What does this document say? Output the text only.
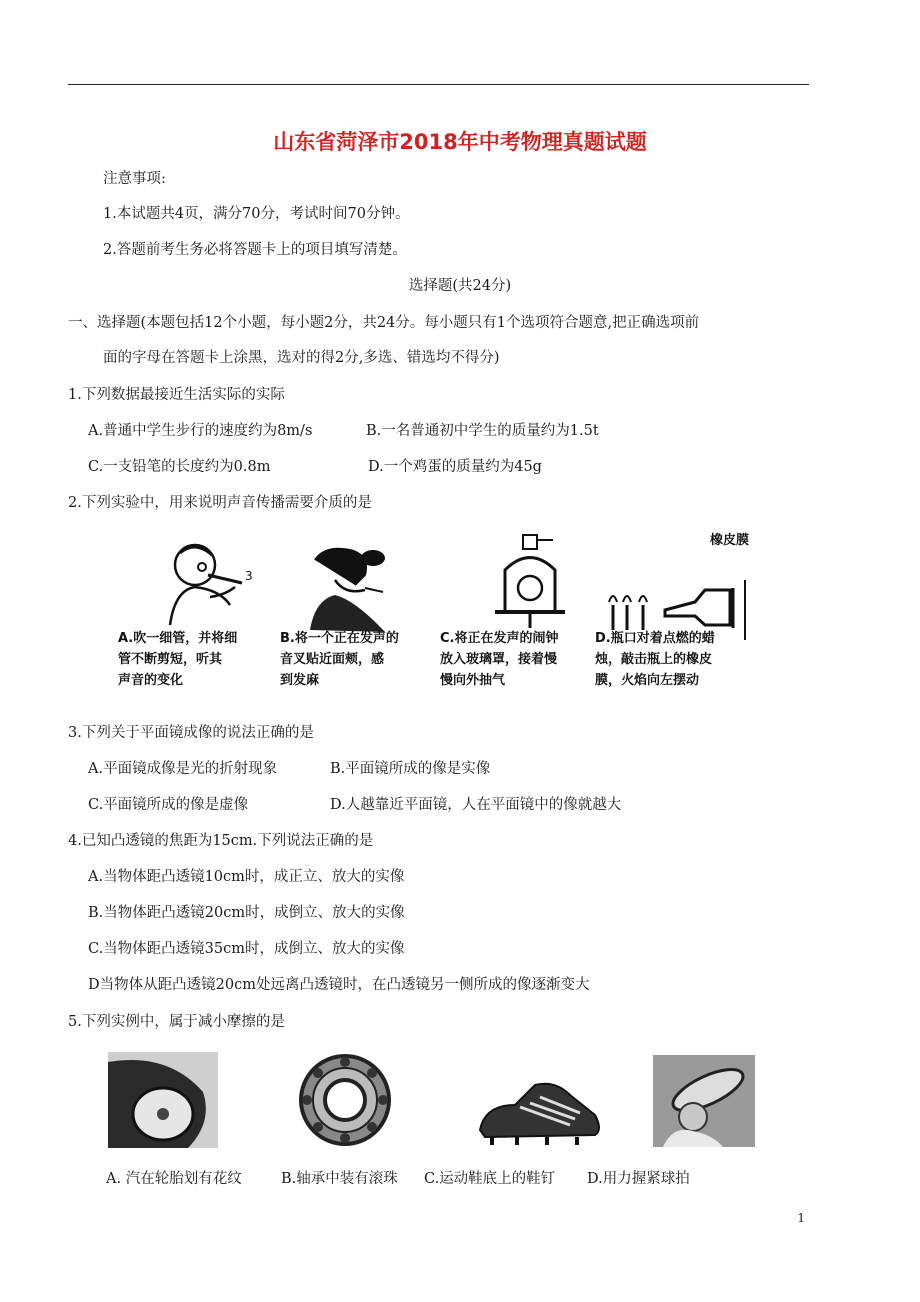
山东省菏泽市2018年中考物理真题试题
注意事项:
1.本试题共4页，满分70分，考试时间70分钟。
2.答题前考生务必将答题卡上的项目填写清楚。
选择题(共24分)
一、选择题(本题包括12个小题，每小题2分，共24分。每小题只有1个选项符合题意,把正确选项前
面的字母在答题卡上涂黑，选对的得2分,多选、错选均不得分)
1.下列数据最接近生活实际的实际
A.普通中学生步行的速度约为8m/s	B.一名普通初中学生的质量约为1.5t
C.一支铅笔的长度约为0.8m	D.一个鸡蛋的质量约为45g
2.下列实验中，用来说明声音传播需要介质的是
3
橡皮膜
A.吹一细管，并将细
管不断剪短，听其
声音的变化
B.将一个正在发声的
音叉贴近面颊，感
到发麻
C.将正在发声的闹钟
放入玻璃罩，接着慢
慢向外抽气
D.瓶口对着点燃的蜡
烛，敲击瓶上的橡皮
膜，火焰向左摆动
3.下列关于平面镜成像的说法正确的是
A.平面镜成像是光的折射现象	B.平面镜所成的像是实像
C.平面镜所成的像是虚像	D.人越靠近平面镜，人在平面镜中的像就越大
4.已知凸透镜的焦距为15cm.下列说法正确的是
A.当物体距凸透镜10cm时，成正立、放大的实像
B.当物体距凸透镜20cm时，成倒立、放大的实像
C.当物体距凸透镜35cm时，成倒立、放大的实像
D当物体从距凸透镜20cm处远离凸透镜时，在凸透镜另一侧所成的像逐渐变大
5.下列实例中，属于减小摩擦的是
A. 汽在轮胎划有花纹	B.轴承中装有滚珠 C.运动鞋底上的鞋钉 D.用力握紧球拍
1
